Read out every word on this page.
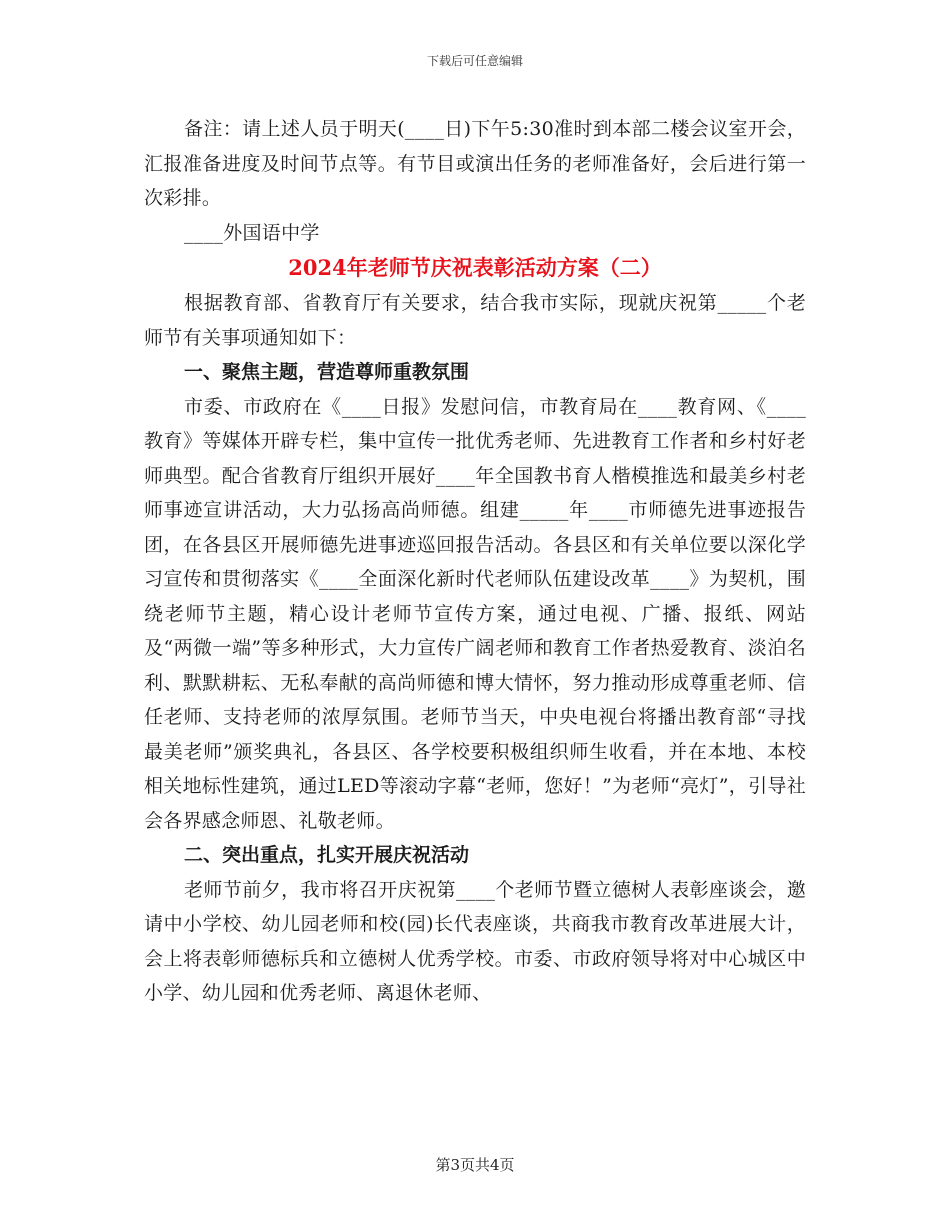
下载后可任意编辑

备注：请上述人员于明天(____日)下午5:30准时到本部二楼会议室开会，汇报准备进度及时间节点等。有节目或演出任务的老师准备好，会后进行第一次彩排。

____外国语中学

2024年老师节庆祝表彰活动方案（二）

根据教育部、省教育厅有关要求，结合我市实际，现就庆祝第_____个老师节有关事项通知如下：

一、聚焦主题，营造尊师重教氛围

市委、市政府在《____日报》发慰问信，市教育局在____教育网、《____教育》等媒体开辟专栏，集中宣传一批优秀老师、先进教育工作者和乡村好老师典型。配合省教育厅组织开展好____年全国教书育人楷模推选和最美乡村老师事迹宣讲活动，大力弘扬高尚师德。组建_____年____市师德先进事迹报告团，在各县区开展师德先进事迹巡回报告活动。各县区和有关单位要以深化学习宣传和贯彻落实《____全面深化新时代老师队伍建设改革____》为契机，围绕老师节主题，精心设计老师节宣传方案，通过电视、广播、报纸、网站及“两微一端”等多种形式，大力宣传广阔老师和教育工作者热爱教育、淡泊名利、默默耕耘、无私奉献的高尚师德和博大情怀，努力推动形成尊重老师、信任老师、支持老师的浓厚氛围。老师节当天，中央电视台将播出教育部“寻找最美老师”颁奖典礼，各县区、各学校要积极组织师生收看，并在本地、本校相关地标性建筑，通过LED等滚动字幕“老师，您好！”为老师“亮灯”，引导社会各界感念师恩、礼敬老师。

二、突出重点，扎实开展庆祝活动

老师节前夕，我市将召开庆祝第____个老师节暨立德树人表彰座谈会，邀请中小学校、幼儿园老师和校(园)长代表座谈，共商我市教育改革进展大计，会上将表彰师德标兵和立德树人优秀学校。市委、市政府领导将对中心城区中小学、幼儿园和优秀老师、离退休老师、

第3页共4页
